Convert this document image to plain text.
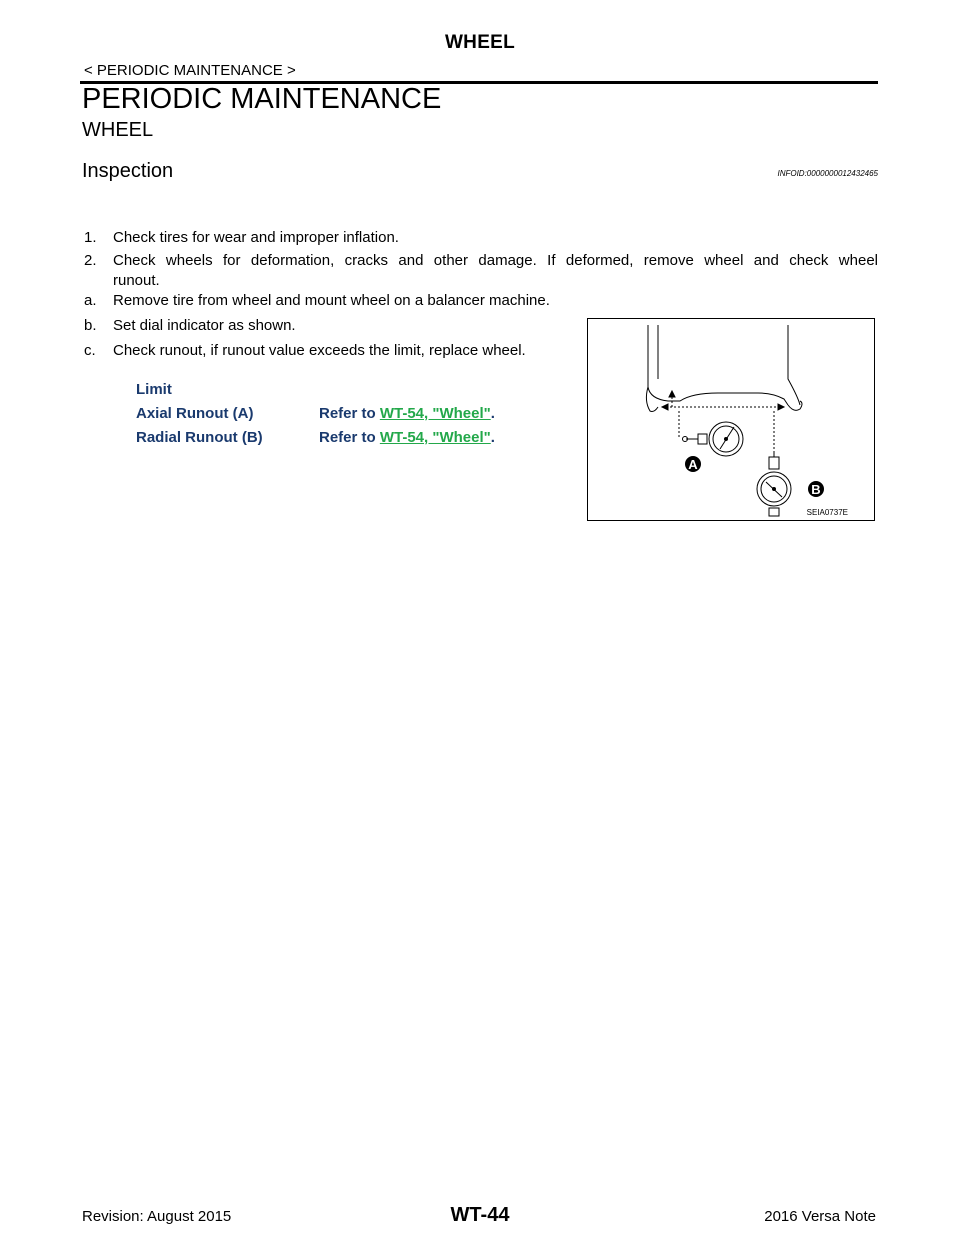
WHEEL
< PERIODIC MAINTENANCE >
PERIODIC MAINTENANCE
WHEEL
Inspection	INFOID:0000000012432465
1. Check tires for wear and improper inflation.
2. Check wheels for deformation, cracks and other damage. If deformed, remove wheel and check wheel
runout.
a. Remove tire from wheel and mount wheel on a balancer machine.
b. Set dial indicator as shown.
c. Check runout, if runout value exceeds the limit, replace wheel.
Limit
Axial Runout (A)	Refer to WT-54, "Wheel".
Radial Runout (B)	Refer to WT-54, "Wheel".
A
B
SEIA0737E
Revision: August 2015	WT-44	2016 Versa Note
